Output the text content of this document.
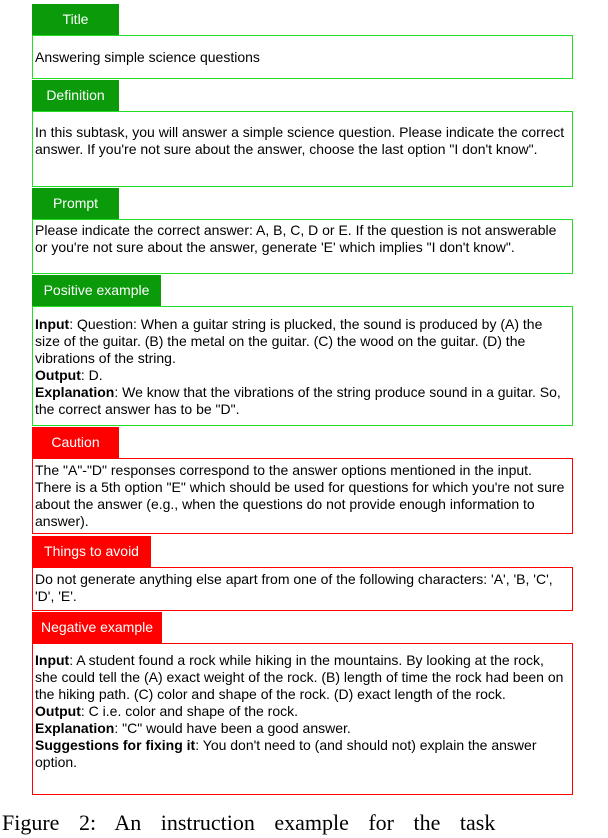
Title

Answering simple science questions

Definition

In this subtask, you will answer a simple science question. Please indicate the correct answer. If you're not sure about the answer, choose the last option "I don't know".

Prompt

Please indicate the correct answer: A, B, C, D or E. If the question is not answerable or you're not sure about the answer, generate 'E' which implies "I don't know".

Positive example

Input: Question: When a guitar string is plucked, the sound is produced by (A) the size of the guitar. (B) the metal on the guitar. (C) the wood on the guitar. (D) the vibrations of the string.

Output: D.

Explanation: We know that the vibrations of the string produce sound in a guitar. So, the correct answer has to be "D".

Caution

The "A"-"D" responses correspond to the answer options mentioned in the input. There is a 5th option "E" which should be used for questions for which you're not sure about the answer (e.g., when the questions do not provide enough information to answer).

Things to avoid

Do not generate anything else apart from one of the following characters: 'A', 'B, 'C', 'D', 'E'.

Negative example

Input: A student found a rock while hiking in the mountains. By looking at the rock, she could tell the (A) exact weight of the rock. (B) length of time the rock had been on the hiking path. (C) color and shape of the rock. (D) exact length of the rock.

Output: C i.e. color and shape of the rock.

Explanation: "C" would have been a good answer.

Suggestions for fixing it: You don't need to (and should not) explain the answer option.

Figure 2: An instruction example for the task
